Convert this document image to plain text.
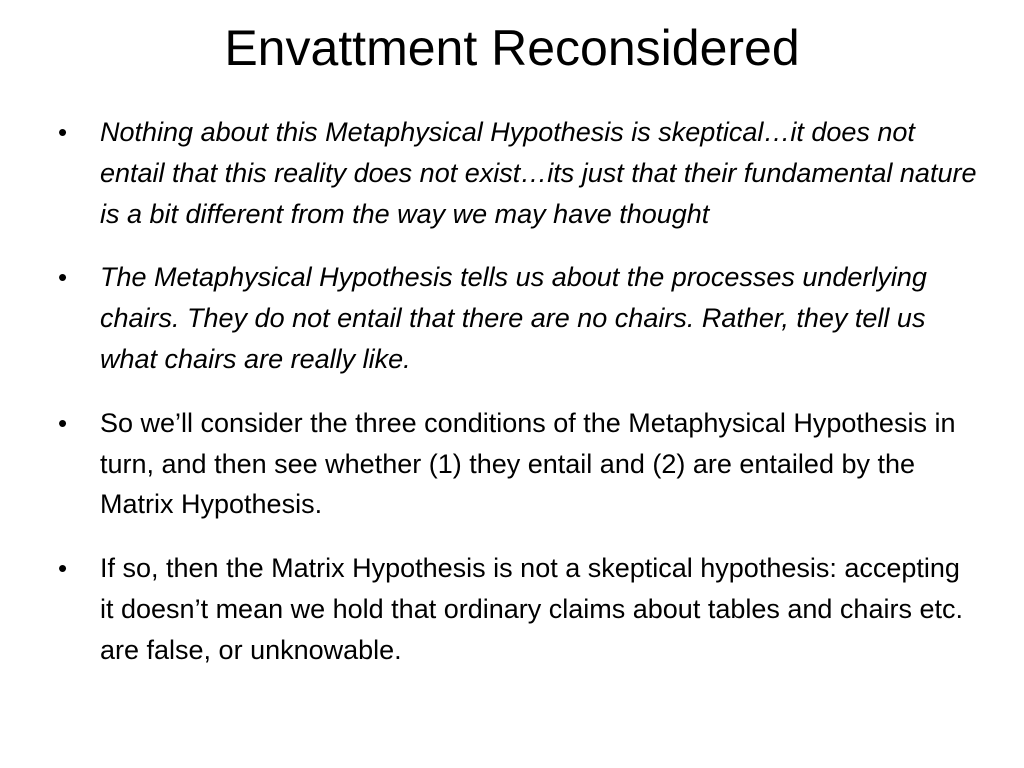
Envattment Reconsidered
•	Nothing about this Metaphysical Hypothesis is skeptical…it does not entail that this reality does not exist…its just that their fundamental nature is a bit different from the way we may have thought
•	The Metaphysical Hypothesis tells us about the processes underlying chairs. They do not entail that there are no chairs. Rather, they tell us what chairs are really like.
•	So we’ll consider the three conditions of the Metaphysical Hypothesis in turn, and then see whether (1) they entail and (2) are entailed by the Matrix Hypothesis.
•	If so, then the Matrix Hypothesis is not a skeptical hypothesis: accepting it doesn’t mean we hold that ordinary claims about tables and chairs etc. are false, or unknowable.
